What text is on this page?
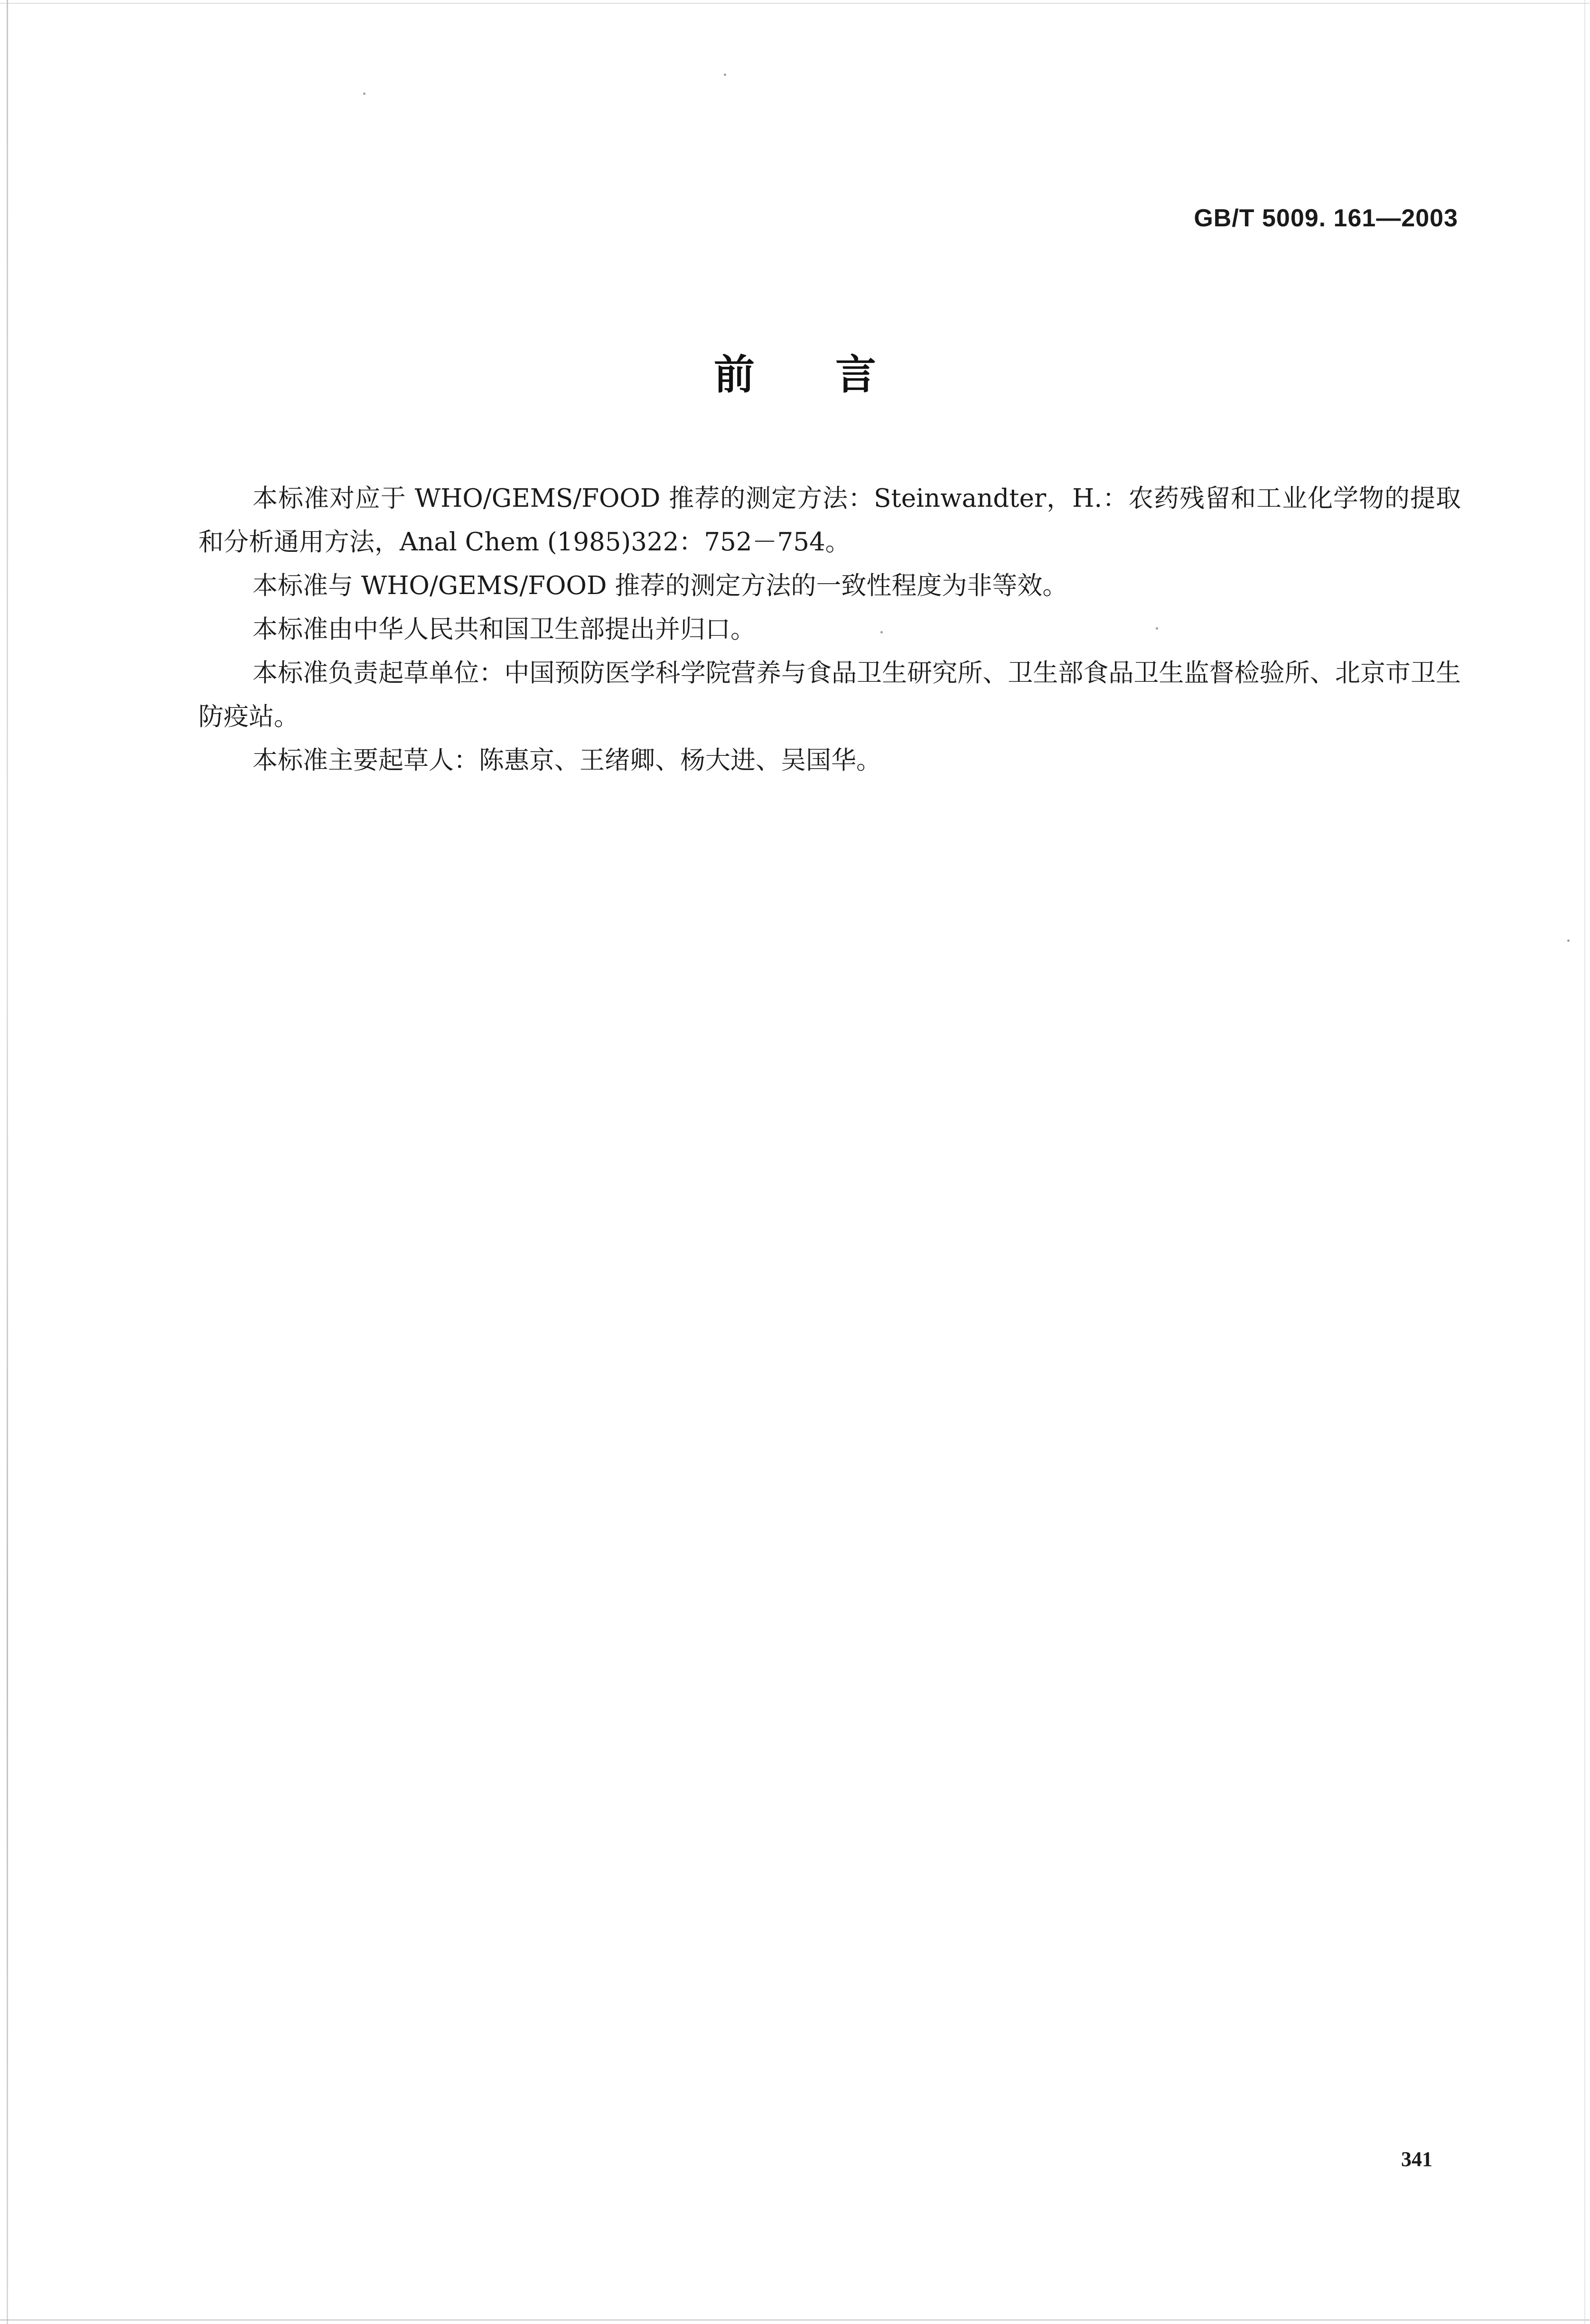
GB/T 5009. 161—2003
前言

本标准对应于 WHO/GEMS/FOOD 推荐的测定方法：Steinwandter，H.：农药残留和工业化学物的提取和分析通用方法，Anal Chem (1985)322：752－754。

本标准与 WHO/GEMS/FOOD 推荐的测定方法的一致性程度为非等效。

本标准由中华人民共和国卫生部提出并归口。

本标准负责起草单位：中国预防医学科学院营养与食品卫生研究所、卫生部食品卫生监督检验所、北京市卫生防疫站。

本标准主要起草人：陈惠京、王绪卿、杨大进、吴国华。

341
